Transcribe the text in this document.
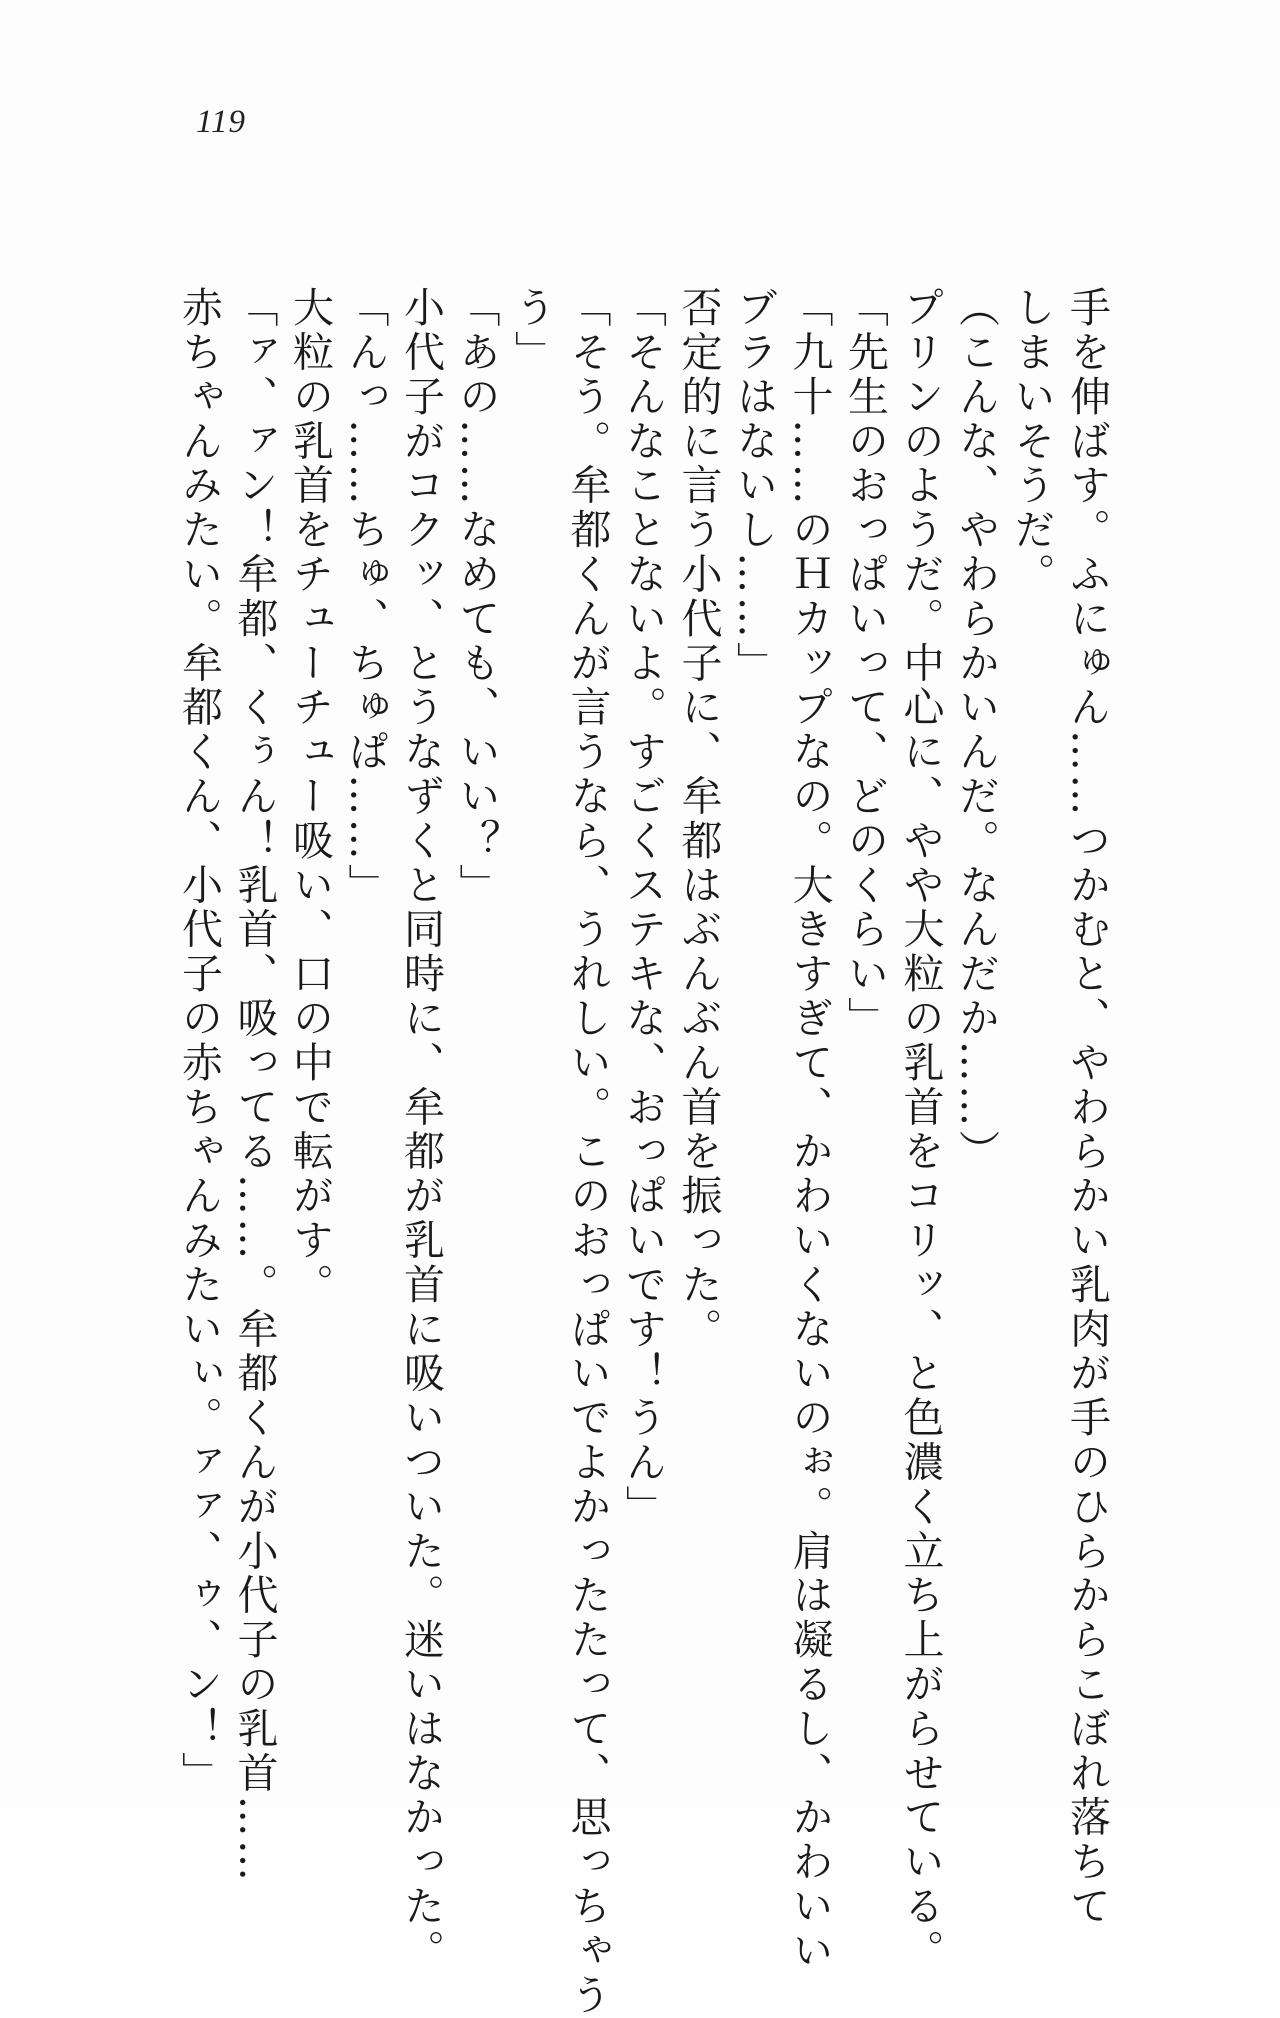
119
手を伸ばす。ふにゅん……つかむと、やわらかい乳肉が手のひらからこぼれ落ちて
しまいそうだ。
（こんな、やわらかいんだ。なんだか……）
プリンのようだ。中心に、やや大粒の乳首をコリッ、と色濃く立ち上がらせている。
「先生のおっぱいって、どのくらい」
「九十……のＨカップなの。大きすぎて、かわいくないのぉ。肩は凝るし、かわいい
ブラはないし……」
否定的に言う小代子に、牟都はぶんぶん首を振った。
「そんなことないよ。すごくステキな、おっぱいです！うん」
「そう。牟都くんが言うなら、うれしい。このおっぱいでよかったたって、思っちゃう
う」
「あの……なめても、いい？」
小代子がコクッ、とうなずくと同時に、牟都が乳首に吸いついた。迷いはなかった。
「んっ……ちゅ、ちゅぱ……」
大粒の乳首をチューチュー吸い、口の中で転がす。
「ァ、ァン！牟都、くぅん！乳首、吸ってる……。牟都くんが小代子の乳首……
赤ちゃんみたい。牟都くん、小代子の赤ちゃんみたいぃ。ァァ、ゥ、ン！」
